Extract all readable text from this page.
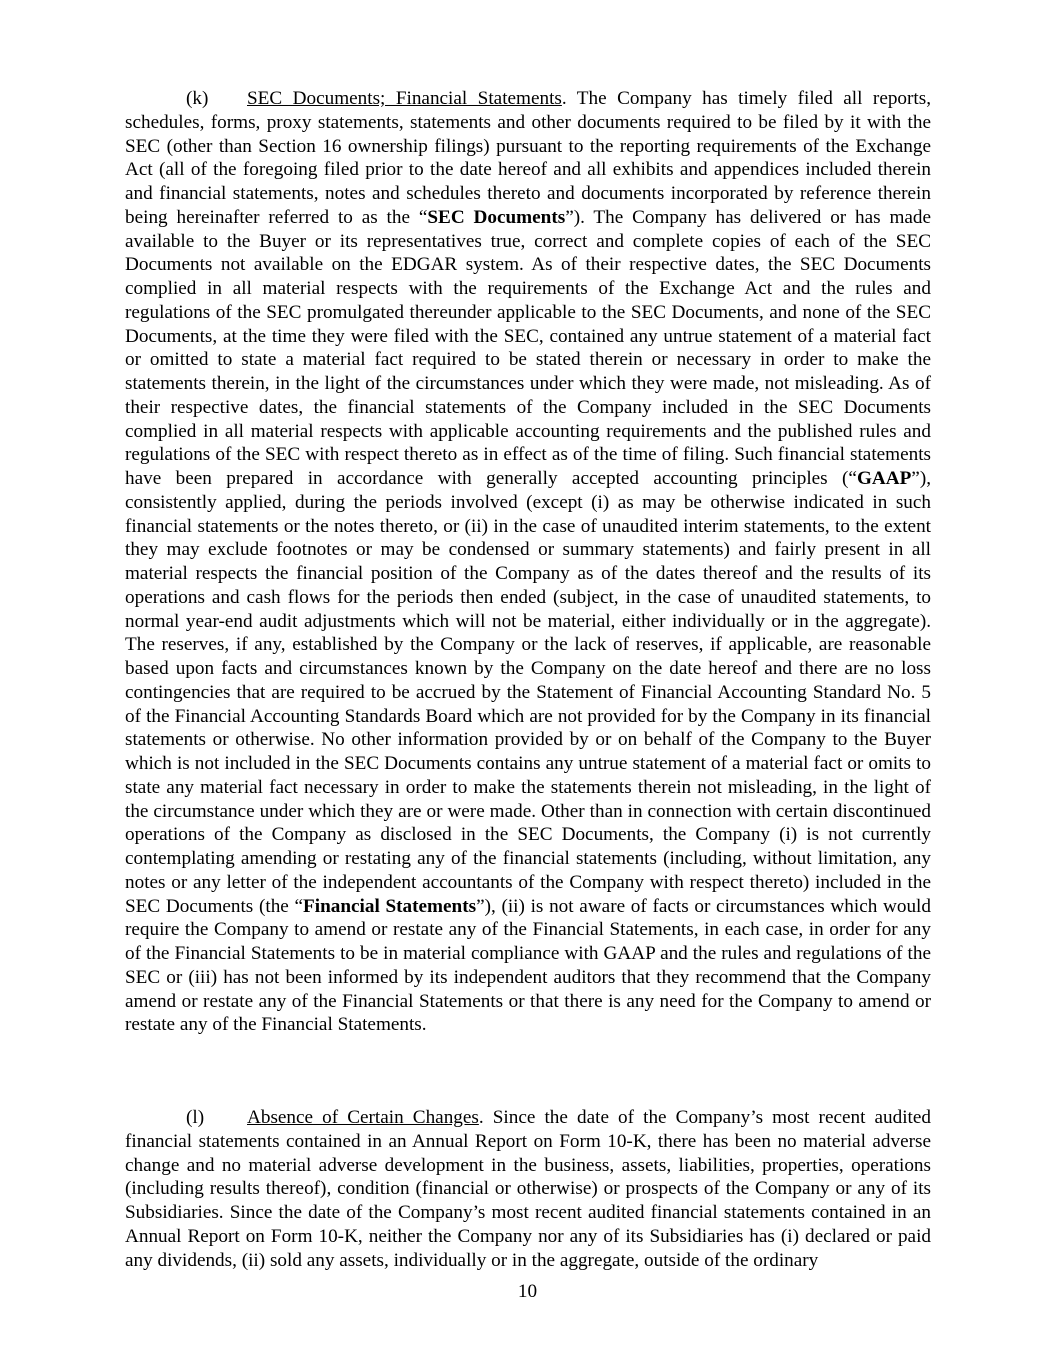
(k) SEC Documents; Financial Statements. The Company has timely filed all reports, schedules, forms, proxy statements, statements and other documents required to be filed by it with the SEC (other than Section 16 ownership filings) pursuant to the reporting requirements of the Exchange Act (all of the foregoing filed prior to the date hereof and all exhibits and appendices included therein and financial statements, notes and schedules thereto and documents incorporated by reference therein being hereinafter referred to as the “SEC Documents”). The Company has delivered or has made available to the Buyer or its representatives true, correct and complete copies of each of the SEC Documents not available on the EDGAR system. As of their respective dates, the SEC Documents complied in all material respects with the requirements of the Exchange Act and the rules and regulations of the SEC promulgated thereunder applicable to the SEC Documents, and none of the SEC Documents, at the time they were filed with the SEC, contained any untrue statement of a material fact or omitted to state a material fact required to be stated therein or necessary in order to make the statements therein, in the light of the circumstances under which they were made, not misleading. As of their respective dates, the financial statements of the Company included in the SEC Documents complied in all material respects with applicable accounting requirements and the published rules and regulations of the SEC with respect thereto as in effect as of the time of filing. Such financial statements have been prepared in accordance with generally accepted accounting principles (“GAAP”), consistently applied, during the periods involved (except (i) as may be otherwise indicated in such financial statements or the notes thereto, or (ii) in the case of unaudited interim statements, to the extent they may exclude footnotes or may be condensed or summary statements) and fairly present in all material respects the financial position of the Company as of the dates thereof and the results of its operations and cash flows for the periods then ended (subject, in the case of unaudited statements, to normal year-end audit adjustments which will not be material, either individually or in the aggregate). The reserves, if any, established by the Company or the lack of reserves, if applicable, are reasonable based upon facts and circumstances known by the Company on the date hereof and there are no loss contingencies that are required to be accrued by the Statement of Financial Accounting Standard No. 5 of the Financial Accounting Standards Board which are not provided for by the Company in its financial statements or otherwise. No other information provided by or on behalf of the Company to the Buyer which is not included in the SEC Documents contains any untrue statement of a material fact or omits to state any material fact necessary in order to make the statements therein not misleading, in the light of the circumstance under which they are or were made. Other than in connection with certain discontinued operations of the Company as disclosed in the SEC Documents, the Company (i) is not currently contemplating amending or restating any of the financial statements (including, without limitation, any notes or any letter of the independent accountants of the Company with respect thereto) included in the SEC Documents (the “Financial Statements”), (ii) is not aware of facts or circumstances which would require the Company to amend or restate any of the Financial Statements, in each case, in order for any of the Financial Statements to be in material compliance with GAAP and the rules and regulations of the SEC or (iii) has not been informed by its independent auditors that they recommend that the Company amend or restate any of the Financial Statements or that there is any need for the Company to amend or restate any of the Financial Statements.

(l) Absence of Certain Changes. Since the date of the Company’s most recent audited financial statements contained in an Annual Report on Form 10-K, there has been no material adverse change and no material adverse development in the business, assets, liabilities, properties, operations (including results thereof), condition (financial or otherwise) or prospects of the Company or any of its Subsidiaries. Since the date of the Company’s most recent audited financial statements contained in an Annual Report on Form 10-K, neither the Company nor any of its Subsidiaries has (i) declared or paid any dividends, (ii) sold any assets, individually or in the aggregate, outside of the ordinary

10
